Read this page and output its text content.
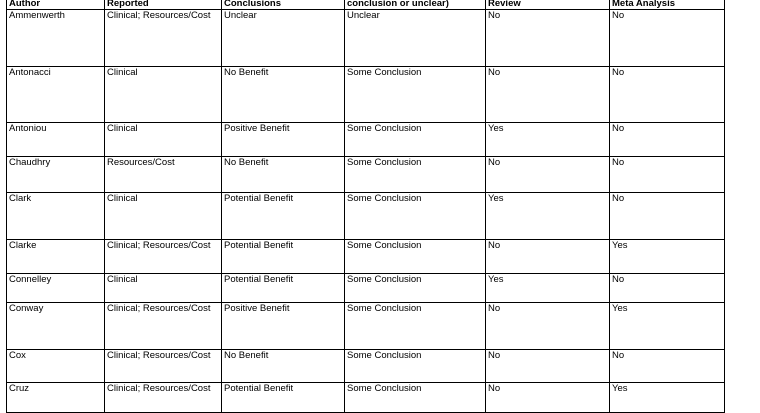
Author	Reported	Conclusions	conclusion or unclear)	Review	Meta Analysis
Ammenwerth	Clinical; Resources/Cost	Unclear	Unclear	No	No
Antonacci	Clinical	No Benefit	Some Conclusion	No	No
Antoniou	Clinical	Positive Benefit	Some Conclusion	Yes	No
Chaudhry	Resources/Cost	No Benefit	Some Conclusion	No	No
Clark	Clinical	Potential Benefit	Some Conclusion	Yes	No
Clarke	Clinical; Resources/Cost	Potential Benefit	Some Conclusion	No	Yes
Connelley	Clinical	Potential Benefit	Some Conclusion	Yes	No
Conway	Clinical; Resources/Cost	Positive Benefit	Some Conclusion	No	Yes
Cox	Clinical; Resources/Cost	No Benefit	Some Conclusion	No	No
Cruz	Clinical; Resources/Cost	Potential Benefit	Some Conclusion	No	Yes
